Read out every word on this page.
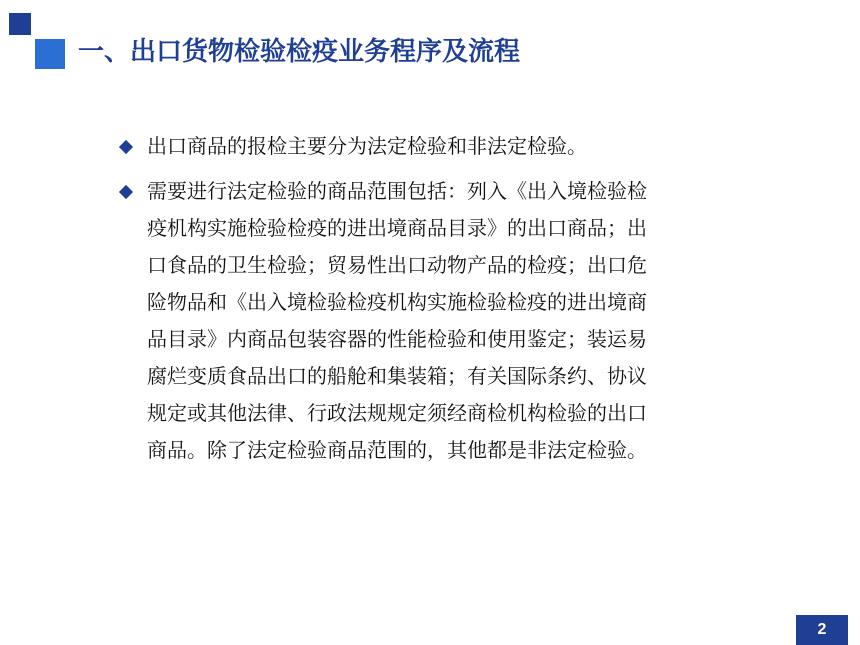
一、出口货物检验检疫业务程序及流程
出口商品的报检主要分为法定检验和非法定检验。
需要进行法定检验的商品范围包括：列入《出入境检验检
疫机构实施检验检疫的进出境商品目录》的出口商品；出
口食品的卫生检验；贸易性出口动物产品的检疫；出口危
险物品和《出入境检验检疫机构实施检验检疫的进出境商
品目录》内商品包装容器的性能检验和使用鉴定；装运易
腐烂变质食品出口的船舱和集装箱；有关国际条约、协议
规定或其他法律、行政法规规定须经商检机构检验的出口
商品。除了法定检验商品范围的，其他都是非法定检验。
2
